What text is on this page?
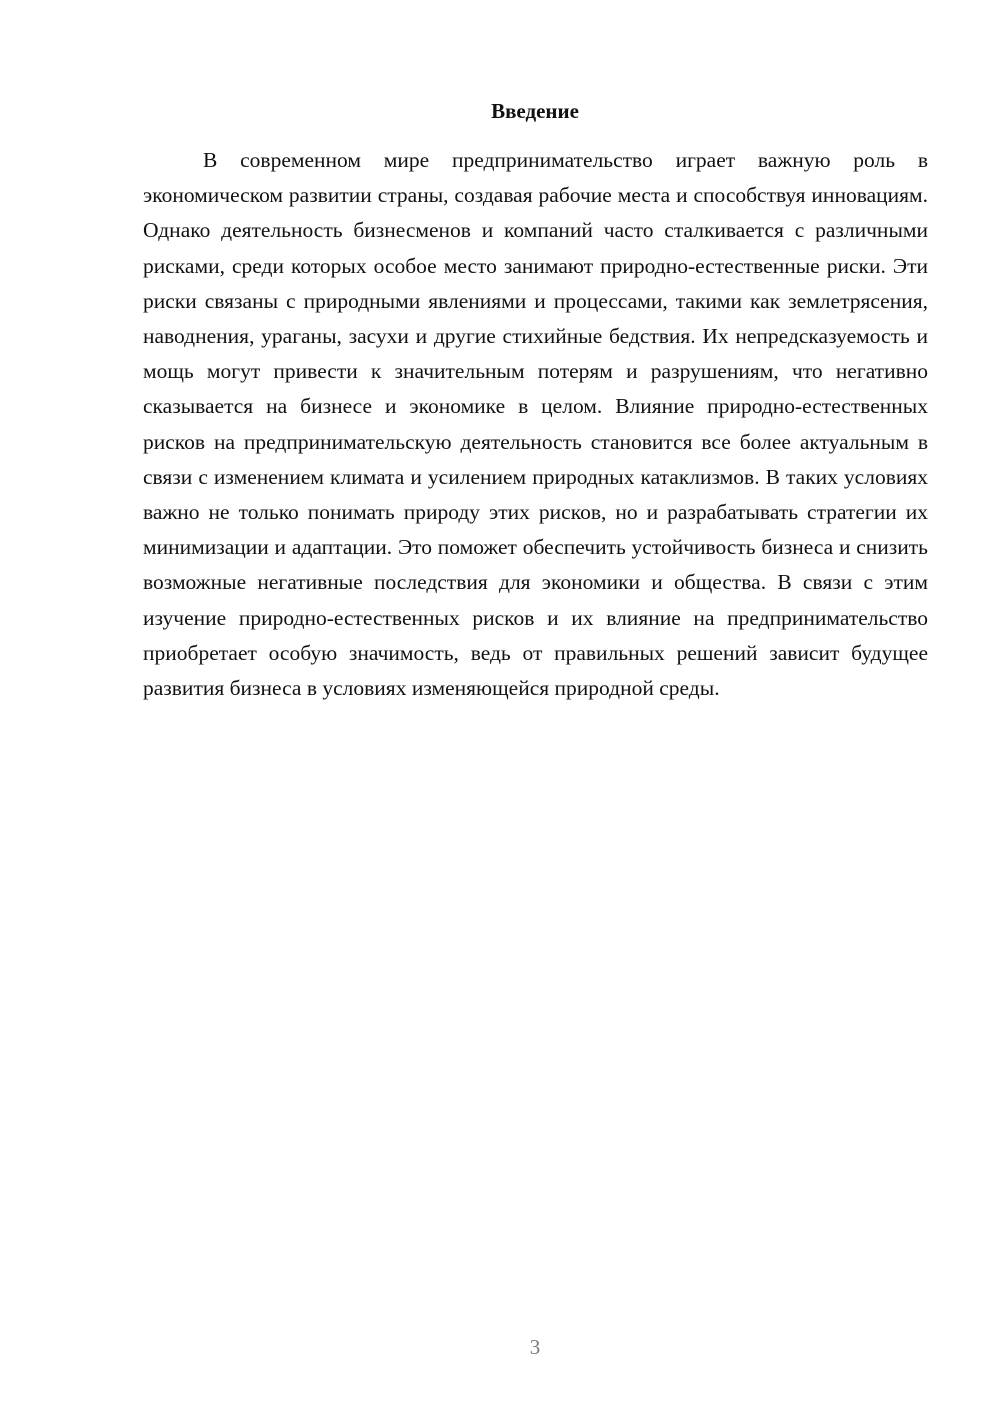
Введение

В современном мире предпринимательство играет важную роль в экономическом развитии страны, создавая рабочие места и способствуя инновациям. Однако деятельность бизнесменов и компаний часто сталкивается с различными рисками, среди которых особое место занимают природно-естественные риски. Эти риски связаны с природными явлениями и процессами, такими как землетрясения, наводнения, ураганы, засухи и другие стихийные бедствия. Их непредсказуемость и мощь могут привести к значительным потерям и разрушениям, что негативно сказывается на бизнесе и экономике в целом. Влияние природно-естественных рисков на предпринимательскую деятельность становится все более актуальным в связи с изменением климата и усилением природных катаклизмов. В таких условиях важно не только понимать природу этих рисков, но и разрабатывать стратегии их минимизации и адаптации. Это поможет обеспечить устойчивость бизнеса и снизить возможные негативные последствия для экономики и общества. В связи с этим изучение природно-естественных рисков и их влияние на предпринимательство приобретает особую значимость, ведь от правильных решений зависит будущее развития бизнеса в условиях изменяющейся природной среды.

3
